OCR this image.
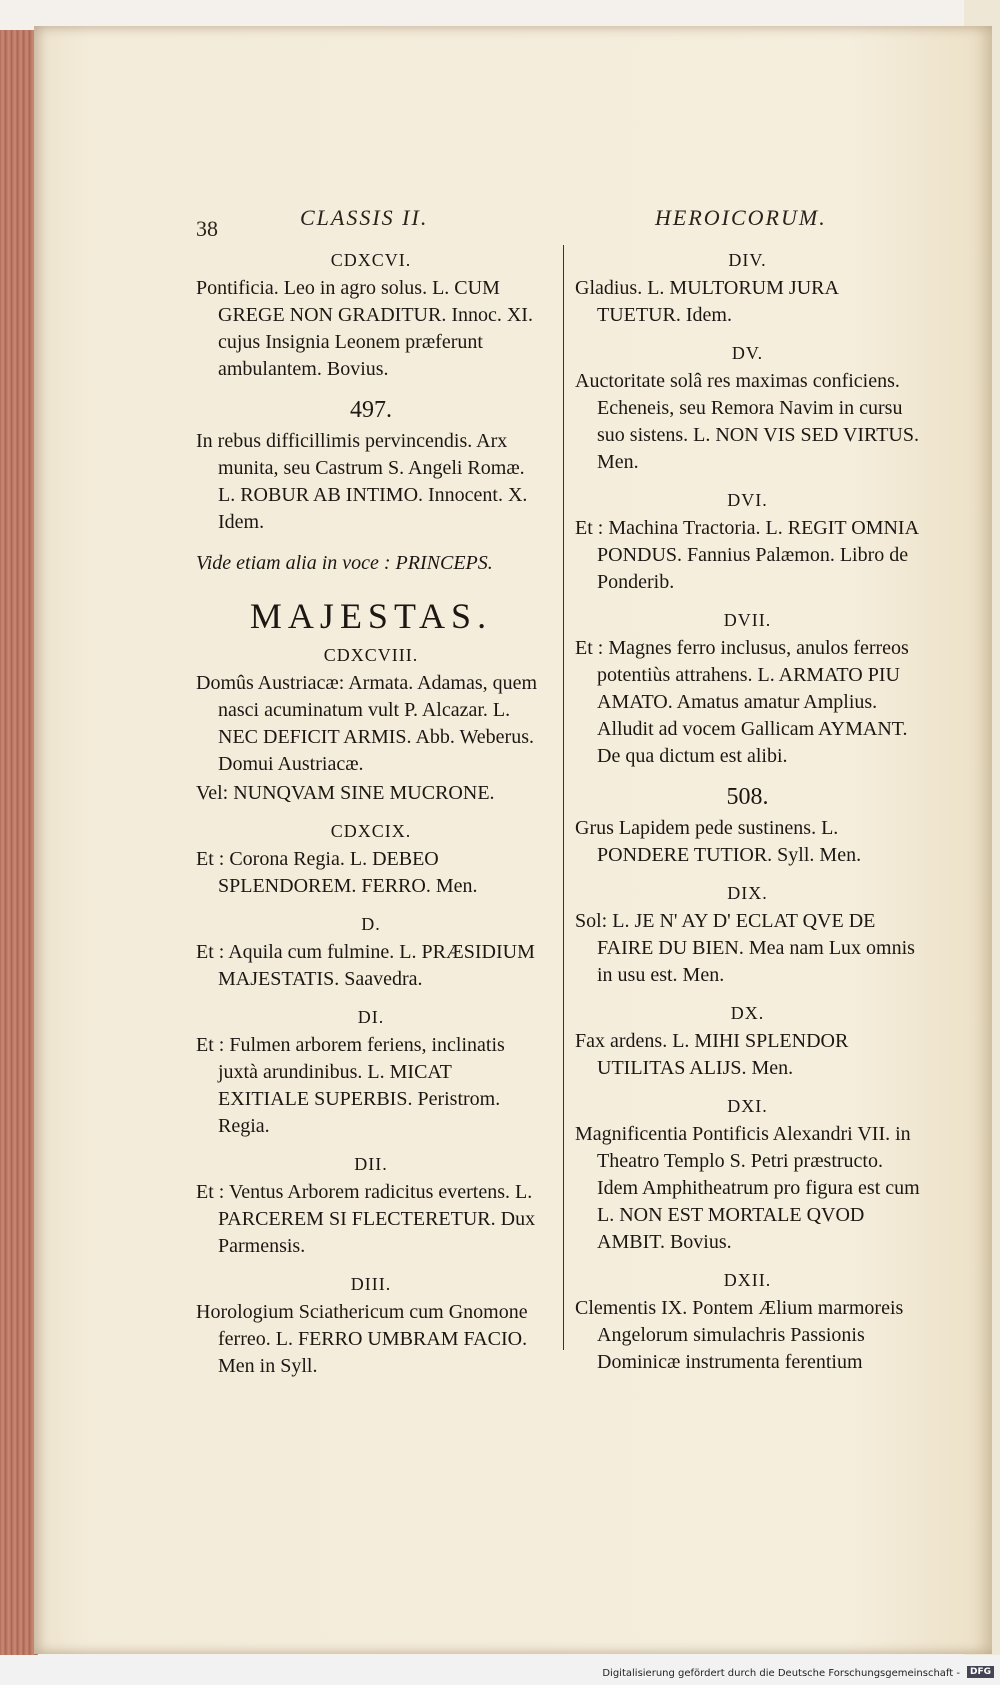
38	CLASSIS II.	HEROICORUM.
CDXCVI.
Pontificia. Leo in agro solus. L. CUM GREGE NON GRADITUR. Innoc. XI. cujus Insignia Leonem præferunt ambulantem. Bovius.
497.
In rebus difficillimis pervincendis. Arx munita, seu Castrum S. Angeli Romæ. L. ROBUR AB INTIMO. Innocent. X. Idem.
Vide etiam alia in voce : PRINCEPS.
MAJESTAS.
CDXCVIII.
Domûs Austriacæ: Armata. Adamas, quem nasci acuminatum vult P. Alcazar. L. NEC DEFICIT ARMIS. Abb. Weberus. Domui Austriacæ.
Vel: NUNQVAM SINE MUCRONE.
CDXCIX.
Et : Corona Regia. L. DEBEO SPLENDOREM. FERRO. Men.
D.
Et : Aquila cum fulmine. L. PRÆSIDIUM MAJESTATIS. Saavedra.
DI.
Et : Fulmen arborem feriens, inclinatis juxtà arundinibus. L. MICAT EXITIALE SUPERBIS. Peristrom. Regia.
DII.
Et : Ventus Arborem radicitus evertens. L. PARCEREM SI FLECTERETUR. Dux Parmensis.
DIII.
Horologium Sciathericum cum Gnomone ferreo. L. FERRO UMBRAM FACIO. Men in Syll.
DIV.
Gladius. L. MULTORUM JURA TUETUR. Idem.
DV.
Auctoritate solâ res maximas conficiens. Echeneis, seu Remora Navim in cursu suo sistens. L. NON VIS SED VIRTUS. Men.
DVI.
Et : Machina Tractoria. L. REGIT OMNIA PONDUS. Fannius Palæmon. Libro de Ponderib.
DVII.
Et : Magnes ferro inclusus, anulos ferreos potentiùs attrahens. L. ARMATO PIU AMATO. Amatus amatur Amplius. Alludit ad vocem Gallicam AYMANT. De qua dictum est alibi.
508.
Grus Lapidem pede sustinens. L. PONDERE TUTIOR. Syll. Men.
DIX.
Sol: L. JE N' AY D' ECLAT QVE DE FAIRE DU BIEN. Mea nam Lux omnis in usu est. Men.
DX.
Fax ardens. L. MIHI SPLENDOR UTILITAS ALIJS. Men.
DXI.
Magnificentia Pontificis Alexandri VII. in Theatro Templo S. Petri præstructo. Idem Amphitheatrum pro figura est cum L. NON EST MORTALE QVOD AMBIT. Bovius.
DXII.
Clementis IX. Pontem Ælium marmoreis Angelorum simulachris Passionis Dominicæ instrumenta ferentium
Digitalisierung gefördert durch die Deutsche Forschungsgemeinschaft -	DFG
